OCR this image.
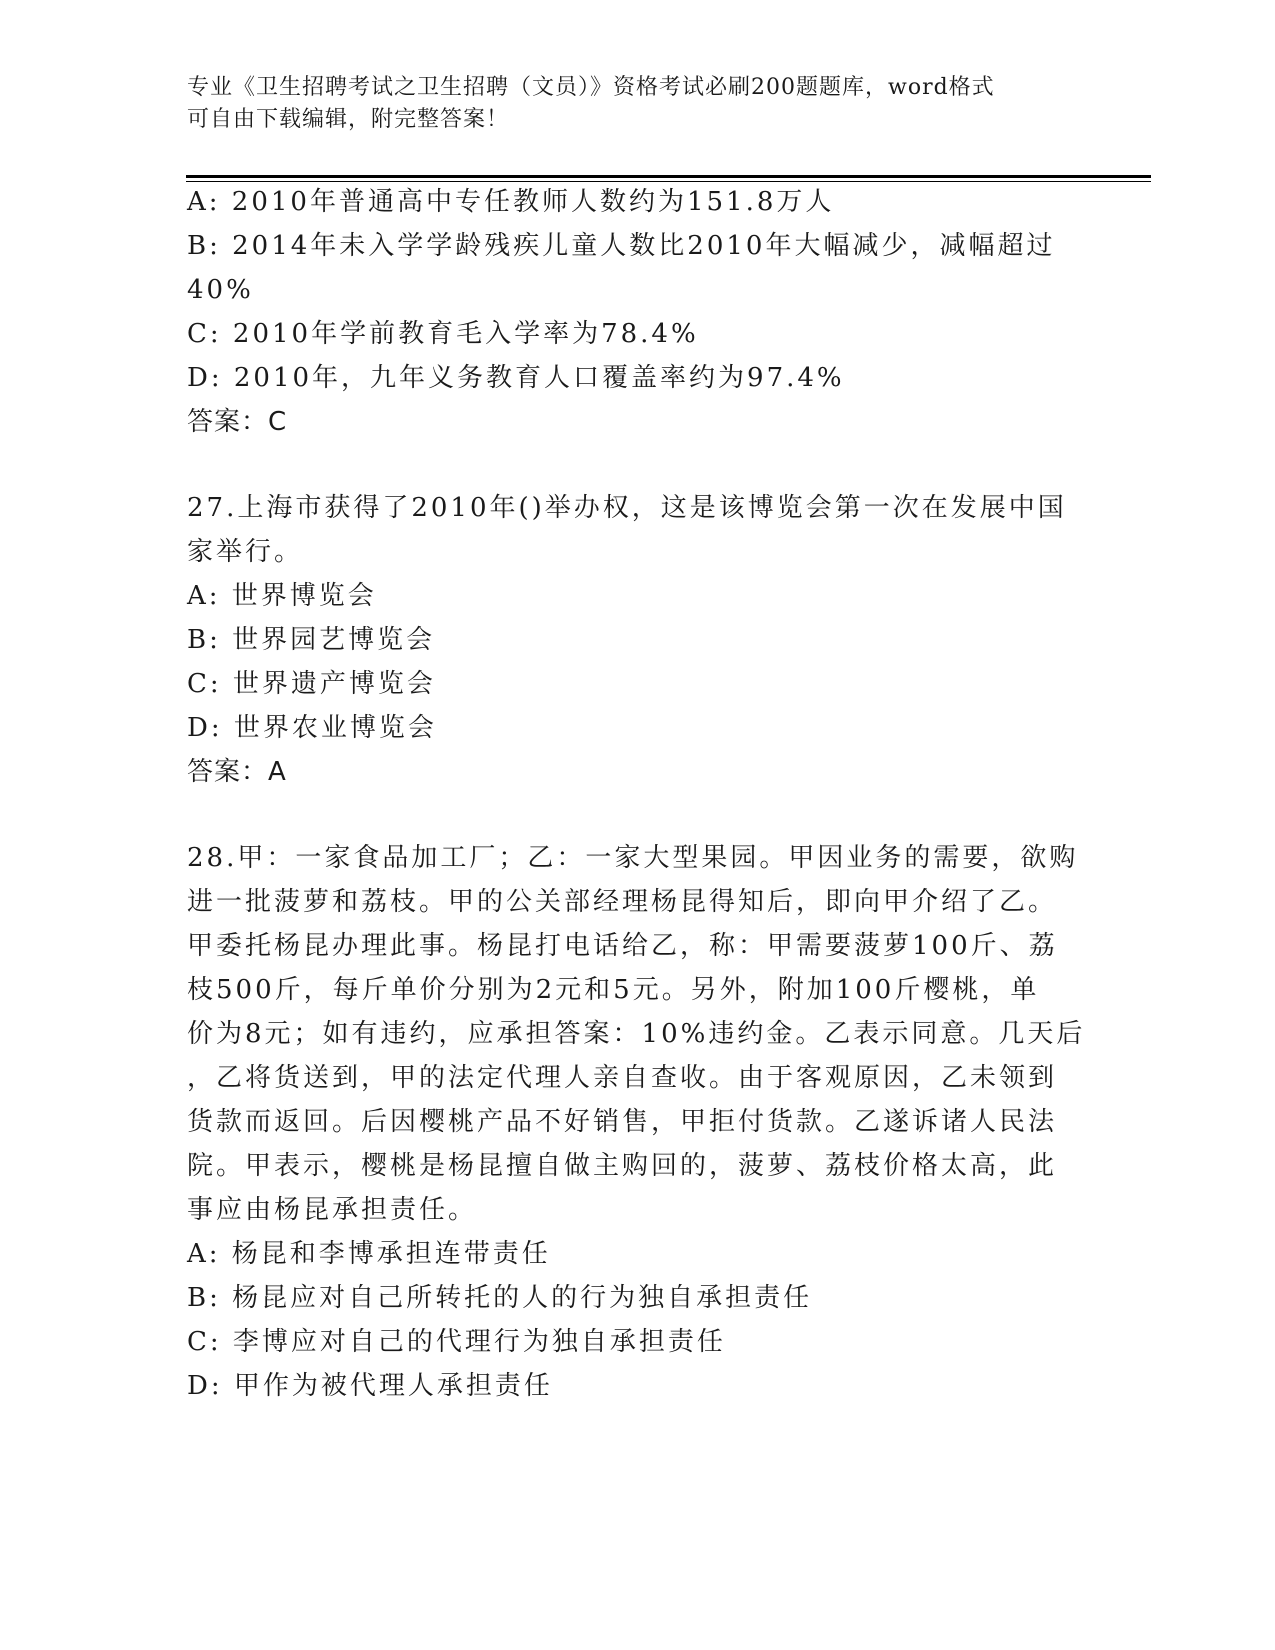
专业《卫生招聘考试之卫生招聘（文员）》资格考试必刷200题题库，word格式
可自由下载编辑，附完整答案！
A: 2010年普通高中专任教师人数约为151.8万人
B: 2014年未入学学龄残疾儿童人数比2010年大幅减少，减幅超过
40%
C: 2010年学前教育毛入学率为78.4%
D: 2010年，九年义务教育人口覆盖率约为97.4%
答案：C
27.上海市获得了2010年()举办权，这是该博览会第一次在发展中国
家举行。
A: 世界博览会
B: 世界园艺博览会
C: 世界遗产博览会
D: 世界农业博览会
答案：A
28.甲：一家食品加工厂；乙：一家大型果园。甲因业务的需要，欲购
进一批菠萝和荔枝。甲的公关部经理杨昆得知后，即向甲介绍了乙。
甲委托杨昆办理此事。杨昆打电话给乙，称：甲需要菠萝100斤、荔
枝500斤，每斤单价分别为2元和5元。另外，附加100斤樱桃，单
价为8元；如有违约，应承担答案：10%违约金。乙表示同意。几天后
，乙将货送到，甲的法定代理人亲自查收。由于客观原因，乙未领到
货款而返回。后因樱桃产品不好销售，甲拒付货款。乙遂诉诸人民法
院。甲表示，樱桃是杨昆擅自做主购回的，菠萝、荔枝价格太高，此
事应由杨昆承担责任。
A: 杨昆和李博承担连带责任
B: 杨昆应对自己所转托的人的行为独自承担责任
C: 李博应对自己的代理行为独自承担责任
D: 甲作为被代理人承担责任
